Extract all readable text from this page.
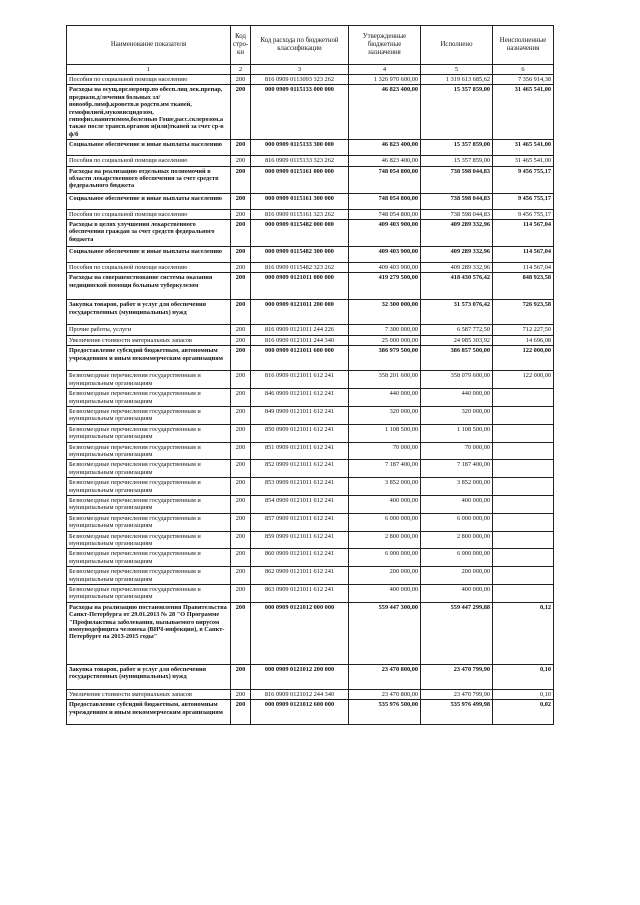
Наименование показателя	Код стро-ки	Код расхода по бюджетной классификации	Утвержденные бюджетные назначения	Исполнено	Неисполненные назначения
1	2	3	4	5	6
Пособия по социальной помощи населению	200	816 0909 0113093 323 262	1 326 970 600,00	1 319 613 685,62	7 356 914,38
Расходы на осущ.орг.меропр.по обесп.лиц лек.препар, предназн.д/лечения больных зл/новообр.лимф,кроветв.и родств.им тканей, гемофилией,муковисцидозом, гипофиз.нанитизмом,болезнью Гоше,расс.склерозом,а также после трансп.органов и(или)тканей за счет ср-в ф/б	200	000 0909 0115133 000 000	46 823 400,00	15 357 859,00	31 465 541,00
Социальное обеспечение и иные выплаты населению	200	000 0909 0115133 300 000	46 823 400,00	15 357 859,00	31 465 541,00
Пособия по социальной помощи населению	200	816 0909 0115133 323 262	46 823 400,00	15 357 859,00	31 465 541,00
Расходы на реализацию отдельных полномочий в области лекарственного обеспечения за счет средств федерального бюджета	200	000 0909 0115161 000 000	748 054 800,00	738 598 044,83	9 456 755,17
Социальное обеспечение и иные выплаты населению	200	000 0909 0115161 300 000	748 054 800,00	738 598 044,83	9 456 755,17
Пособия по социальной помощи населению	200	816 0909 0115161 323 262	748 054 800,00	738 598 044,83	9 456 755,17
Расходы в целях улучшения лекарственного обеспечения граждан за счет средств федерального бюджета	200	000 0909 0115482 000 000	409 403 900,00	409 289 332,96	114 567,04
Социальное обеспечение и иные выплаты населению	200	000 0909 0115482 300 000	409 403 900,00	409 289 332,96	114 567,04
Пособия по социальной помощи населению	200	816 0909 0115482 323 262	409 403 900,00	409 289 332,96	114 567,04
Расходы на совершенствование системы оказания медицинской помощи больным туберкулезом	200	000 0909 0121011 000 000	419 279 500,00	418 430 576,42	848 923,58
Закупка товаров, работ и услуг для обеспечения государственных (муниципальных) нужд	200	000 0909 0121011 200 000	32 300 000,00	31 573 076,42	726 923,58
Прочие работы, услуги	200	816 0909 0121011 244 226	7 300 000,00	6 587 772,50	712 227,50
Увеличение стоимости материальных запасов	200	816 0909 0121011 244 340	25 000 000,00	24 985 303,92	14 696,08
Предоставление субсидий бюджетным, автономным учреждениям и иным некоммерческим организациям	200	000 0909 0121011 600 000	386 979 500,00	386 857 500,00	122 000,00
Безвозмездные перечисления государственным и муниципальным организациям	200	816 0909 0121011 612 241	358 201 600,00	358 079 600,00	122 000,00
Безвозмездные перечисления государственным и муниципальным организациям	200	846 0909 0121011 612 241	440 000,00	440 000,00	
Безвозмездные перечисления государственным и муниципальным организациям	200	849 0909 0121011 612 241	320 000,00	320 000,00	
Безвозмездные перечисления государственным и муниципальным организациям	200	850 0909 0121011 612 241	1 108 500,00	1 108 500,00	
Безвозмездные перечисления государственным и муниципальным организациям	200	851 0909 0121011 612 241	70 000,00	70 000,00	
Безвозмездные перечисления государственным и муниципальным организациям	200	852 0909 0121011 612 241	7 187 400,00	7 187 400,00	
Безвозмездные перечисления государственным и муниципальным организациям	200	853 0909 0121011 612 241	3 852 000,00	3 852 000,00	
Безвозмездные перечисления государственным и муниципальным организациям	200	854 0909 0121011 612 241	400 000,00	400 000,00	
Безвозмездные перечисления государственным и муниципальным организациям	200	857 0909 0121011 612 241	6 000 000,00	6 000 000,00	
Безвозмездные перечисления государственным и муниципальным организациям	200	859 0909 0121011 612 241	2 800 000,00	2 800 000,00	
Безвозмездные перечисления государственным и муниципальным организациям	200	860 0909 0121011 612 241	6 000 000,00	6 000 000,00	
Безвозмездные перечисления государственным и муниципальным организациям	200	862 0909 0121011 612 241	200 000,00	200 000,00	
Безвозмездные перечисления государственным и муниципальным организациям	200	863 0909 0121011 612 241	400 000,00	400 000,00	
Расходы на реализацию постановления Правительства Санкт-Петербурга от 29.01.2013 № 28 "О Программе "Профилактика заболевания, вызываемого вирусом иммунодефицита человека (ВИЧ-инфекция), в Санкт-Петербурге на 2013-2015 годы"	200	000 0909 0121012 000 000	559 447 300,00	559 447 299,88	0,12
Закупка товаров, работ и услуг для обеспечения государственных (муниципальных) нужд	200	000 0909 0121012 200 000	23 470 800,00	23 470 799,90	0,10
Увеличение стоимости материальных запасов	200	816 0909 0121012 244 340	23 470 800,00	23 470 799,90	0,10
Предоставление субсидий бюджетным, автономным учреждениям и иным некоммерческим организациям	200	000 0909 0121012 600 000	535 976 500,00	535 976 499,98	0,02
